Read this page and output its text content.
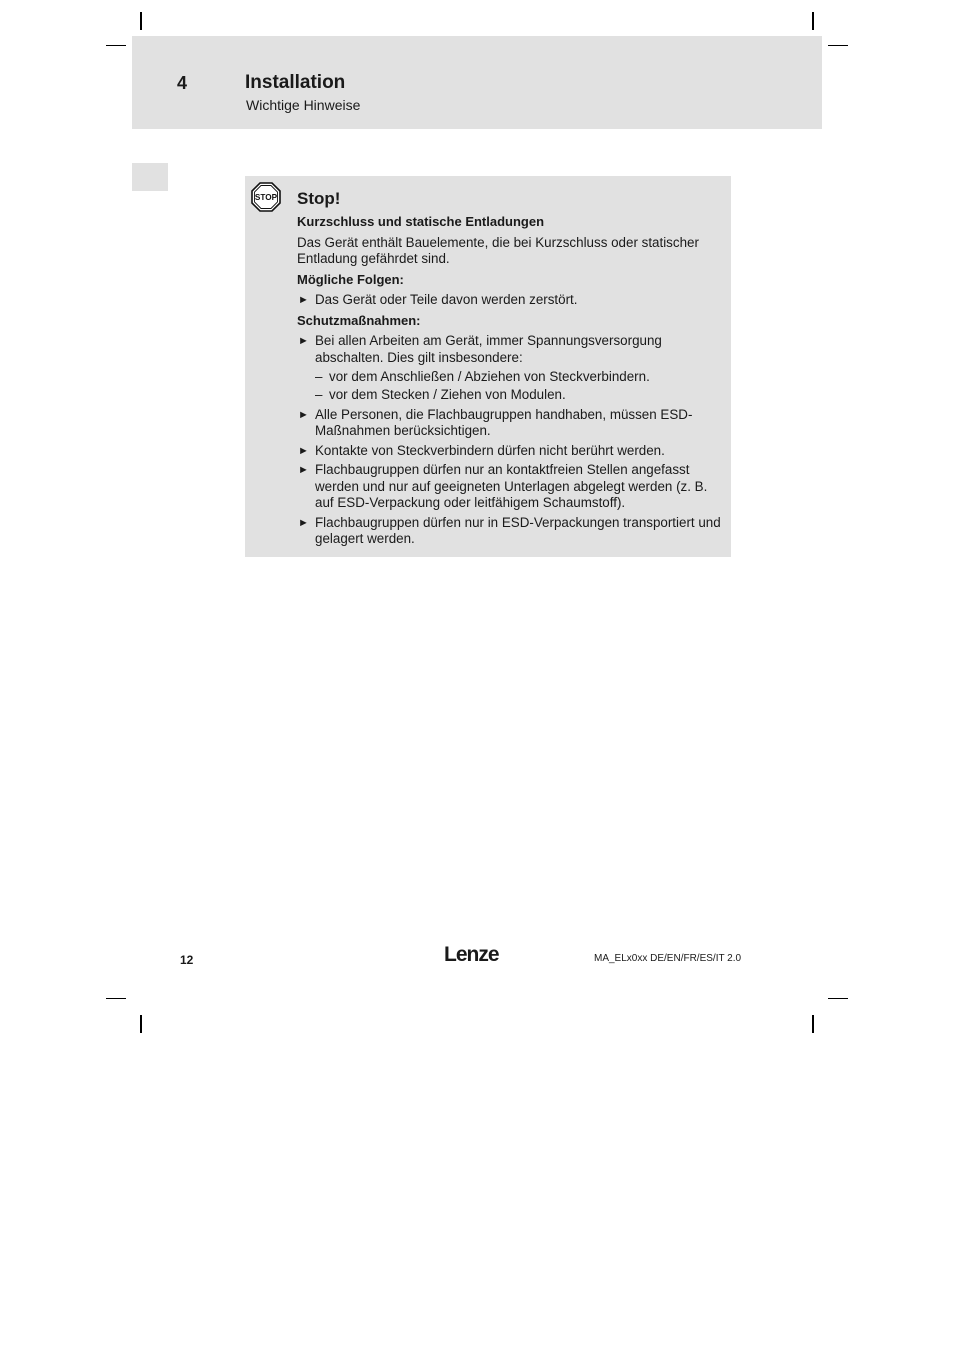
4	Installation
Wichtige Hinweise
STOP Stop!
Kurzschluss und statische Entladungen
Das Gerät enthält Bauelemente, die bei Kurzschluss oder statischer Entladung gefährdet sind.
Mögliche Folgen:
► Das Gerät oder Teile davon werden zerstört.
Schutzmaßnahmen:
► Bei allen Arbeiten am Gerät, immer Spannungsversorgung abschalten. Dies gilt insbesondere:
– vor dem Anschließen / Abziehen von Steckverbindern.
– vor dem Stecken / Ziehen von Modulen.
► Alle Personen, die Flachbaugruppen handhaben, müssen ESD-Maßnahmen berücksichtigen.
► Kontakte von Steckverbindern dürfen nicht berührt werden.
► Flachbaugruppen dürfen nur an kontaktfreien Stellen angefasst werden und nur auf geeigneten Unterlagen abgelegt werden (z. B. auf ESD-Verpackung oder leitfähigem Schaumstoff).
► Flachbaugruppen dürfen nur in ESD-Verpackungen transportiert und gelagert werden.
12	Lenze	MA_ELx0xx DE/EN/FR/ES/IT 2.0
